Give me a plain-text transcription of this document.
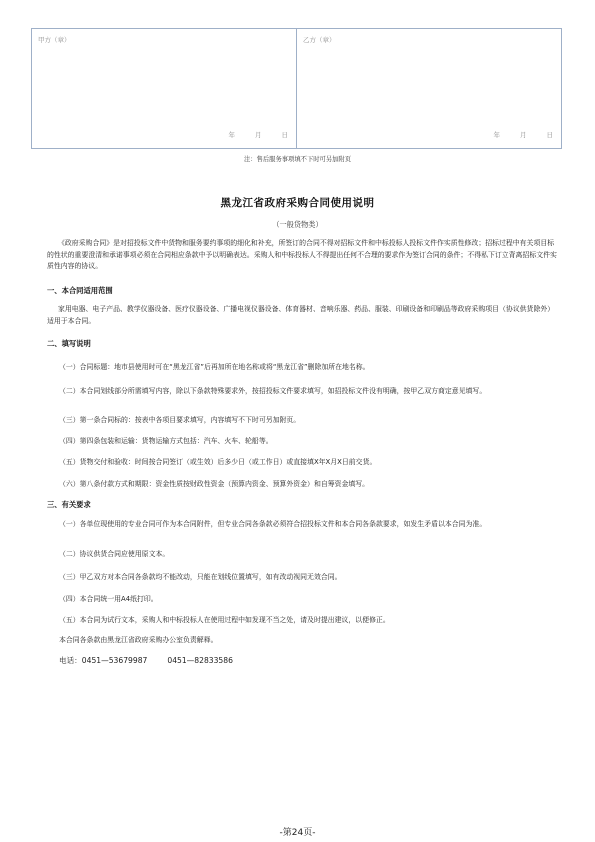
甲方（章）
年	月	日
乙方（章）
年	月	日
注：售后服务事项填不下时可另加附页
黑龙江省政府采购合同使用说明
（一般货物类）
《政府采购合同》是对招投标文件中货物和服务要约事项的细化和补充，所签订的合同不得对招标文件和中标投标人投标文件作实质性修改；招标过程中有关项目标的性状的重要澄清和承诺事项必须在合同相应条款中予以明确表达。采购人和中标投标人不得提出任何不合理的要求作为签订合同的条件；不得私下订立背离招标文件实质性内容的协议。
一、本合同适用范围
家用电器、电子产品、教学仪器设备、医疗仪器设备、广播电视仪器设备、体育器材、音响乐器、药品、服装、印刷设备和印刷品等政府采购项目（协议供货除外）适用于本合同。
二、填写说明
（一）合同标题：地市县使用时可在“黑龙江省”后再加所在地名称或将“黑龙江省”删除加所在地名称。
（二）本合同划线部分所需填写内容，除以下条款特殊要求外，按招投标文件要求填写，如招投标文件没有明确，按甲乙双方商定意见填写。
（三）第一条合同标的：按表中各项目要求填写，内容填写不下时可另加附页。
（四）第四条包装和运输：货物运输方式包括：汽车、火车、轮船等。
（五）货物交付和验收：时间按合同签订（或生效）后多少日（或工作日）或直接填X年X月X日前交货。
（六）第八条付款方式和期限：资金性质按财政性资金（预算内资金、预算外资金）和自筹资金填写。
三、有关要求
（一）各单位现使用的专业合同可作为本合同附件，但专业合同各条款必须符合招投标文件和本合同各条款要求，如发生矛盾以本合同为准。
（二）协议供货合同应使用原文本。
（三）甲乙双方对本合同各条款均不能改动，只能在划线位置填写，如有改动视同无效合同。
（四）本合同统一用A4纸打印。
（五）本合同为试行文本，采购人和中标投标人在使用过程中如发现不当之处，请及时提出建议，以便修正。
本合同各条款由黑龙江省政府采购办公室负责解释。
电话：0451—53679987	0451—82833586
-第24页-
